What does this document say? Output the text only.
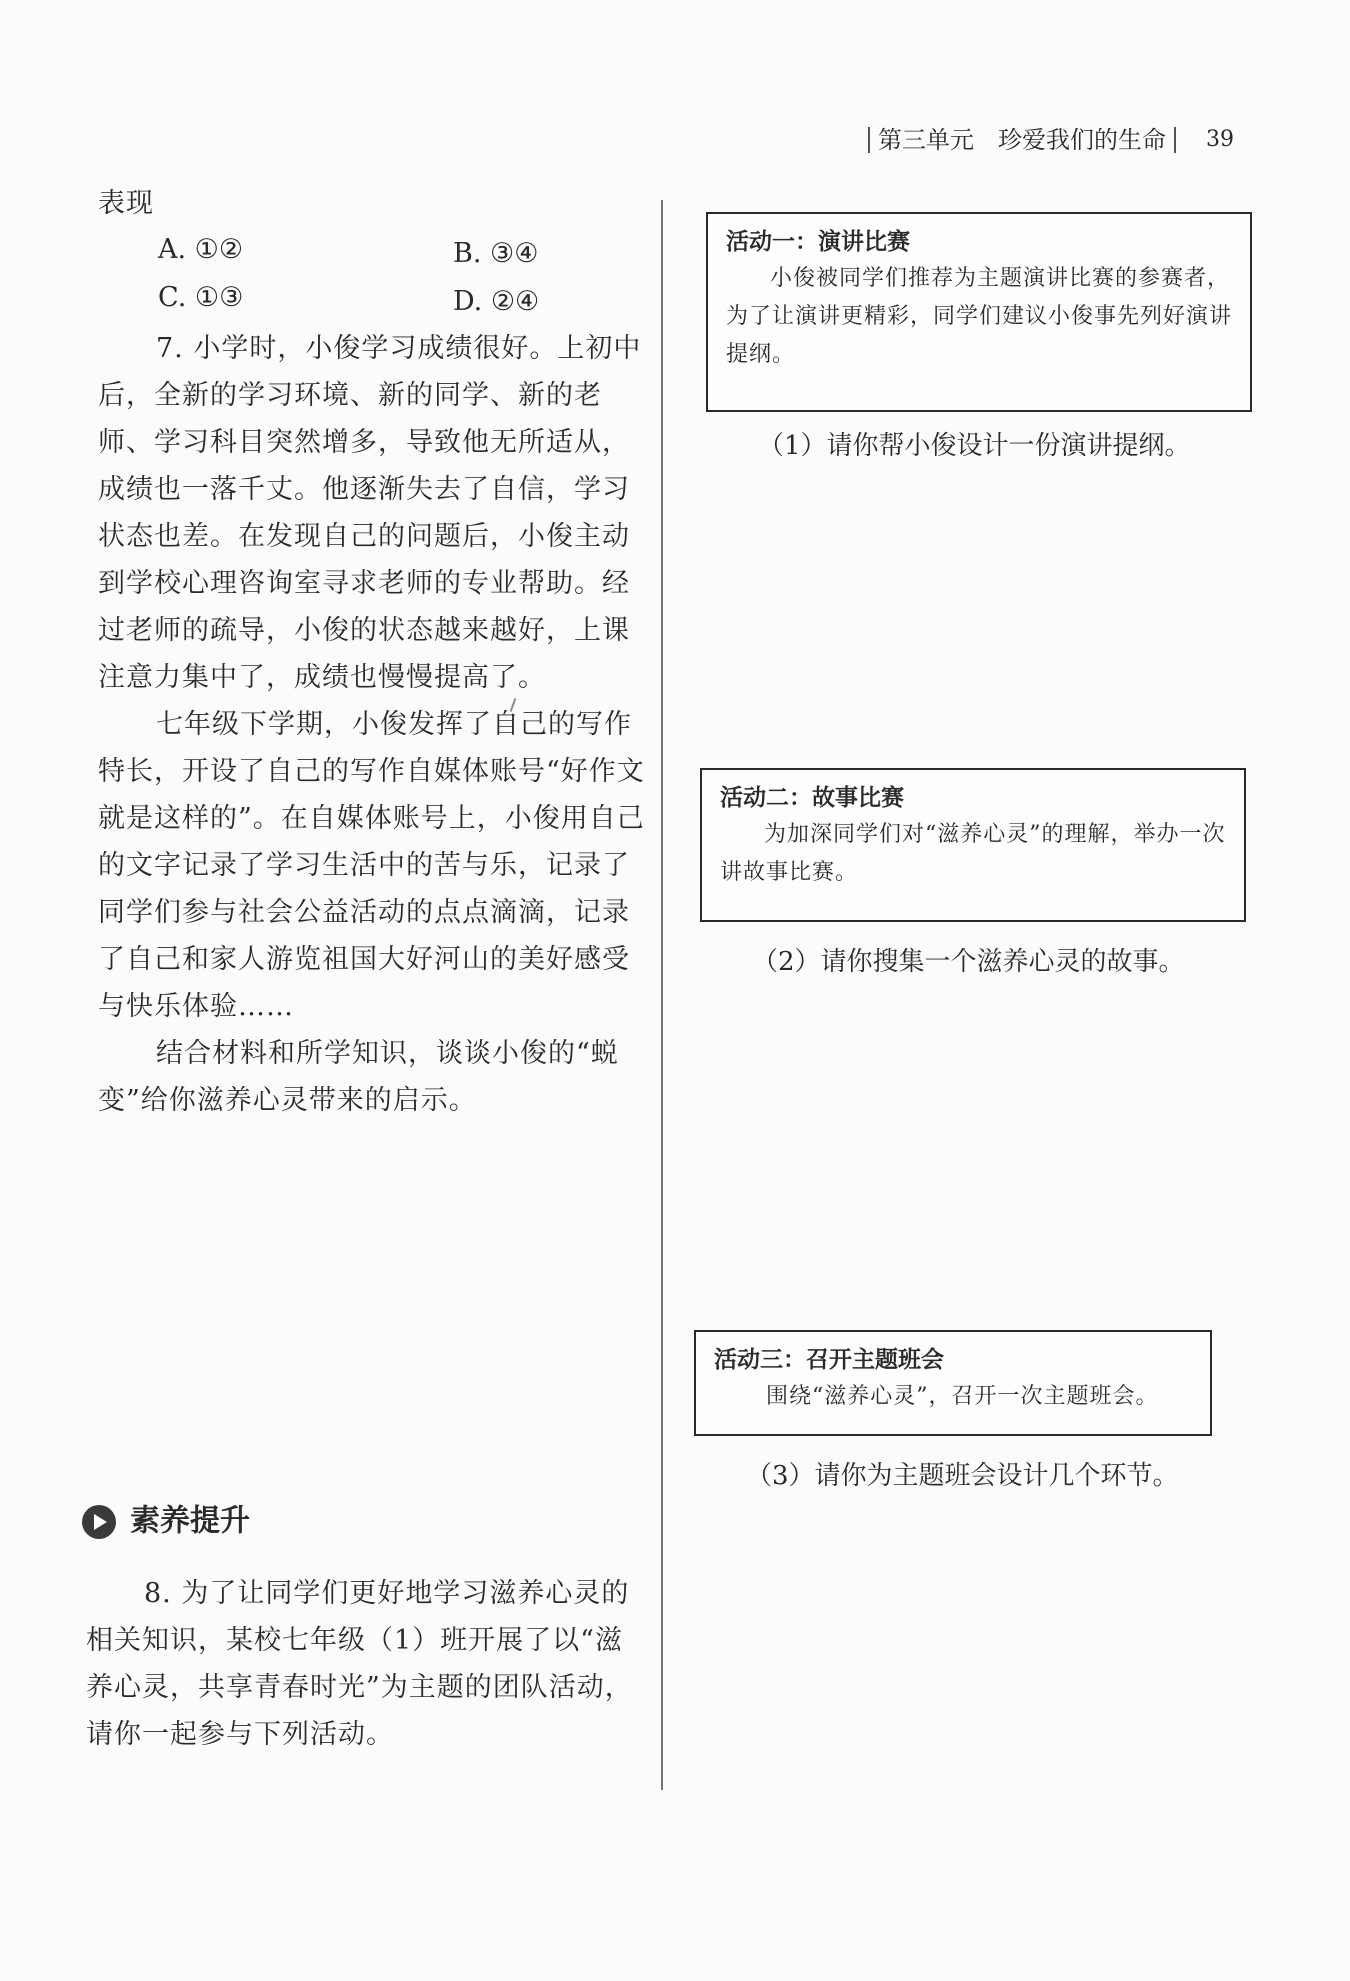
第三单元　珍爱我们的生命 39

表现

A. ①②	B. ③④
C. ①③	D. ②④

7. 小学时，小俊学习成绩很好。上初中后，全新的学习环境、新的同学、新的老师、学习科目突然增多，导致他无所适从，成绩也一落千丈。他逐渐失去了自信，学习状态也差。在发现自己的问题后，小俊主动到学校心理咨询室寻求老师的专业帮助。经过老师的疏导，小俊的状态越来越好，上课注意力集中了，成绩也慢慢提高了。

七年级下学期，小俊发挥了自己的写作特长，开设了自己的写作自媒体账号“好作文就是这样的”。在自媒体账号上，小俊用自己的文字记录了学习生活中的苦与乐，记录了同学们参与社会公益活动的点点滴滴，记录了自己和家人游览祖国大好河山的美好感受与快乐体验……

结合材料和所学知识，谈谈小俊的“蜕变”给你滋养心灵带来的启示。

素养提升

8. 为了让同学们更好地学习滋养心灵的相关知识，某校七年级（1）班开展了以“滋养心灵，共享青春时光”为主题的团队活动，请你一起参与下列活动。

活动一：演讲比赛

小俊被同学们推荐为主题演讲比赛的参赛者，为了让演讲更精彩，同学们建议小俊事先列好演讲提纲。

（1）请你帮小俊设计一份演讲提纲。

活动二：故事比赛

为加深同学们对“滋养心灵”的理解，举办一次讲故事比赛。

（2）请你搜集一个滋养心灵的故事。

活动三：召开主题班会

围绕“滋养心灵”，召开一次主题班会。

（3）请你为主题班会设计几个环节。
